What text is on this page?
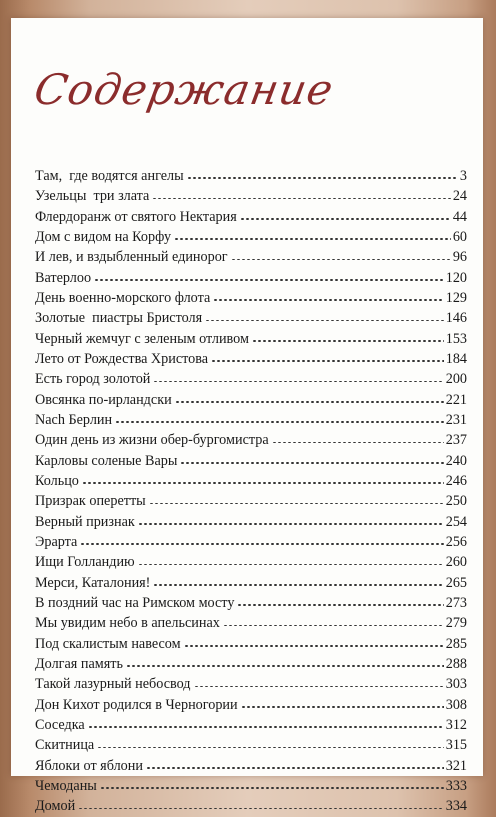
Содержание
Там,  где водятся ангелы	3
Узельцы  три злата	24
Флердоранж от святого Нектария	44
Дом с видом на Корфу	60
И лев, и вздыбленный единорог	96
Ватерлоо	120
День военно-морского флота	129
Золотые  пиастры Бристоля	146
Черный жемчуг с зеленым отливом	153
Лето от Рождества Христова	184
Есть город золотой	200
Овсянка по-ирландски	221
Nach Берлин	231
Один день из жизни обер-бургомистра	237
Карловы соленые Вары	240
Кольцо	246
Призрак оперетты	250
Верный признак	254
Эрарта	256
Ищи Голландию	260
Мерси, Каталония!	265
В поздний час на Римском мосту	273
Мы увидим небо в апельсинах	279
Под скалистым навесом	285
Долгая память	288
Такой лазурный небосвод	303
Дон Кихот родился в Черногории	308
Соседка	312
Скитница	315
Яблоки от яблони	321
Чемоданы	333
Домой	334
